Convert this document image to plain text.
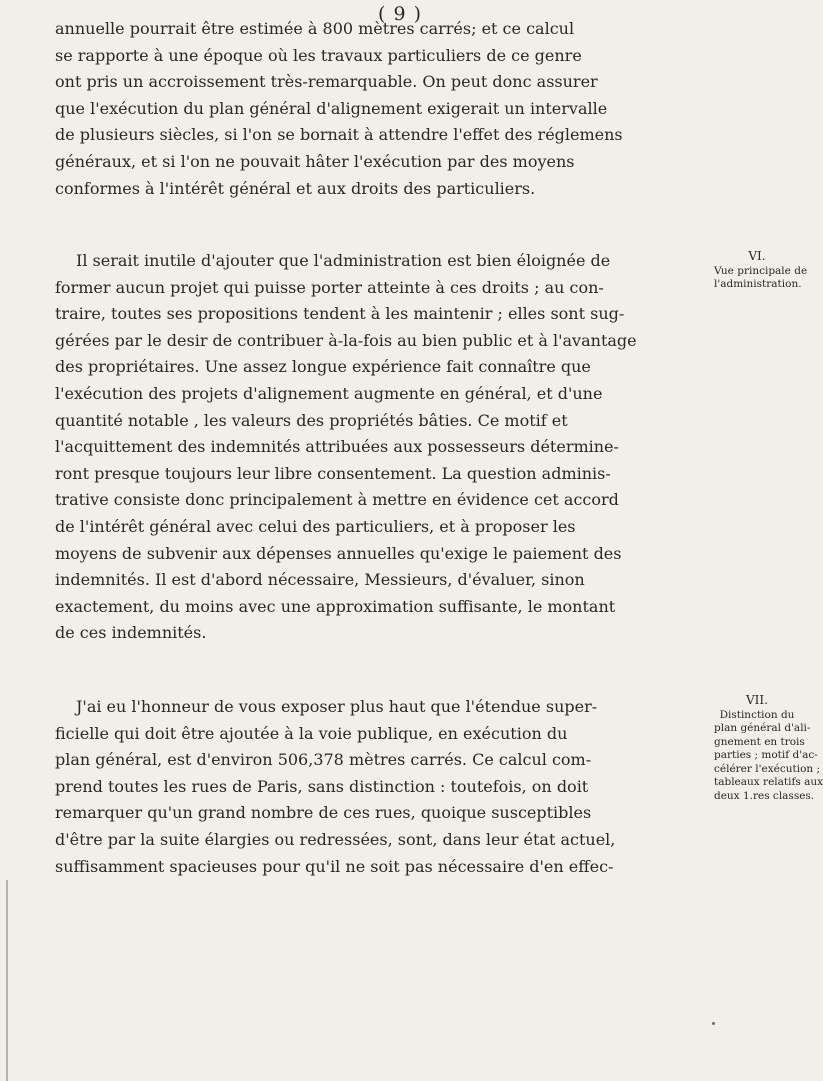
( 9 )
annuelle pourrait être estimée à 800 mètres carrés; et ce calcul
se rapporte à une époque où les travaux particuliers de ce genre
ont pris un accroissement très-remarquable. On peut donc assurer
que l'exécution du plan général d'alignement exigerait un intervalle
de plusieurs siècles, si l'on se bornait à attendre l'effet des réglemens
généraux, et si l'on ne pouvait hâter l'exécution par des moyens
conformes à l'intérêt général et aux droits des particuliers.
Il serait inutile d'ajouter que l'administration est bien éloignée de
former aucun projet qui puisse porter atteinte à ces droits ; au con-
traire, toutes ses propositions tendent à les maintenir ; elles sont sug-
gérées par le desir de contribuer à-la-fois au bien public et à l'avantage
des propriétaires. Une assez longue expérience fait connaître que
l'exécution des projets d'alignement augmente en général, et d'une
quantité notable , les valeurs des propriétés bâties. Ce motif et
l'acquittement des indemnités attribuées aux possesseurs détermine-
ront presque toujours leur libre consentement. La question adminis-
trative consiste donc principalement à mettre en évidence cet accord
de l'intérêt général avec celui des particuliers, et à proposer les
moyens de subvenir aux dépenses annuelles qu'exige le paiement des
indemnités. Il est d'abord nécessaire, Messieurs, d'évaluer, sinon
exactement, du moins avec une approximation suffisante, le montant
de ces indemnités.
J'ai eu l'honneur de vous exposer plus haut que l'étendue super-
ficielle qui doit être ajoutée à la voie publique, en exécution du
plan général, est d'environ 506,378 mètres carrés. Ce calcul com-
prend toutes les rues de Paris, sans distinction : toutefois, on doit
remarquer qu'un grand nombre de ces rues, quoique susceptibles
d'être par la suite élargies ou redressées, sont, dans leur état actuel,
suffisamment spacieuses pour qu'il ne soit pas nécessaire d'en effec-
VI.
Vue principale de
l'administration.
VII.
Distinction du
plan général d'ali-
gnement en trois
parties ; motif d'ac-
célérer l'exécution ;
tableaux relatifs aux
deux 1.res classes.
